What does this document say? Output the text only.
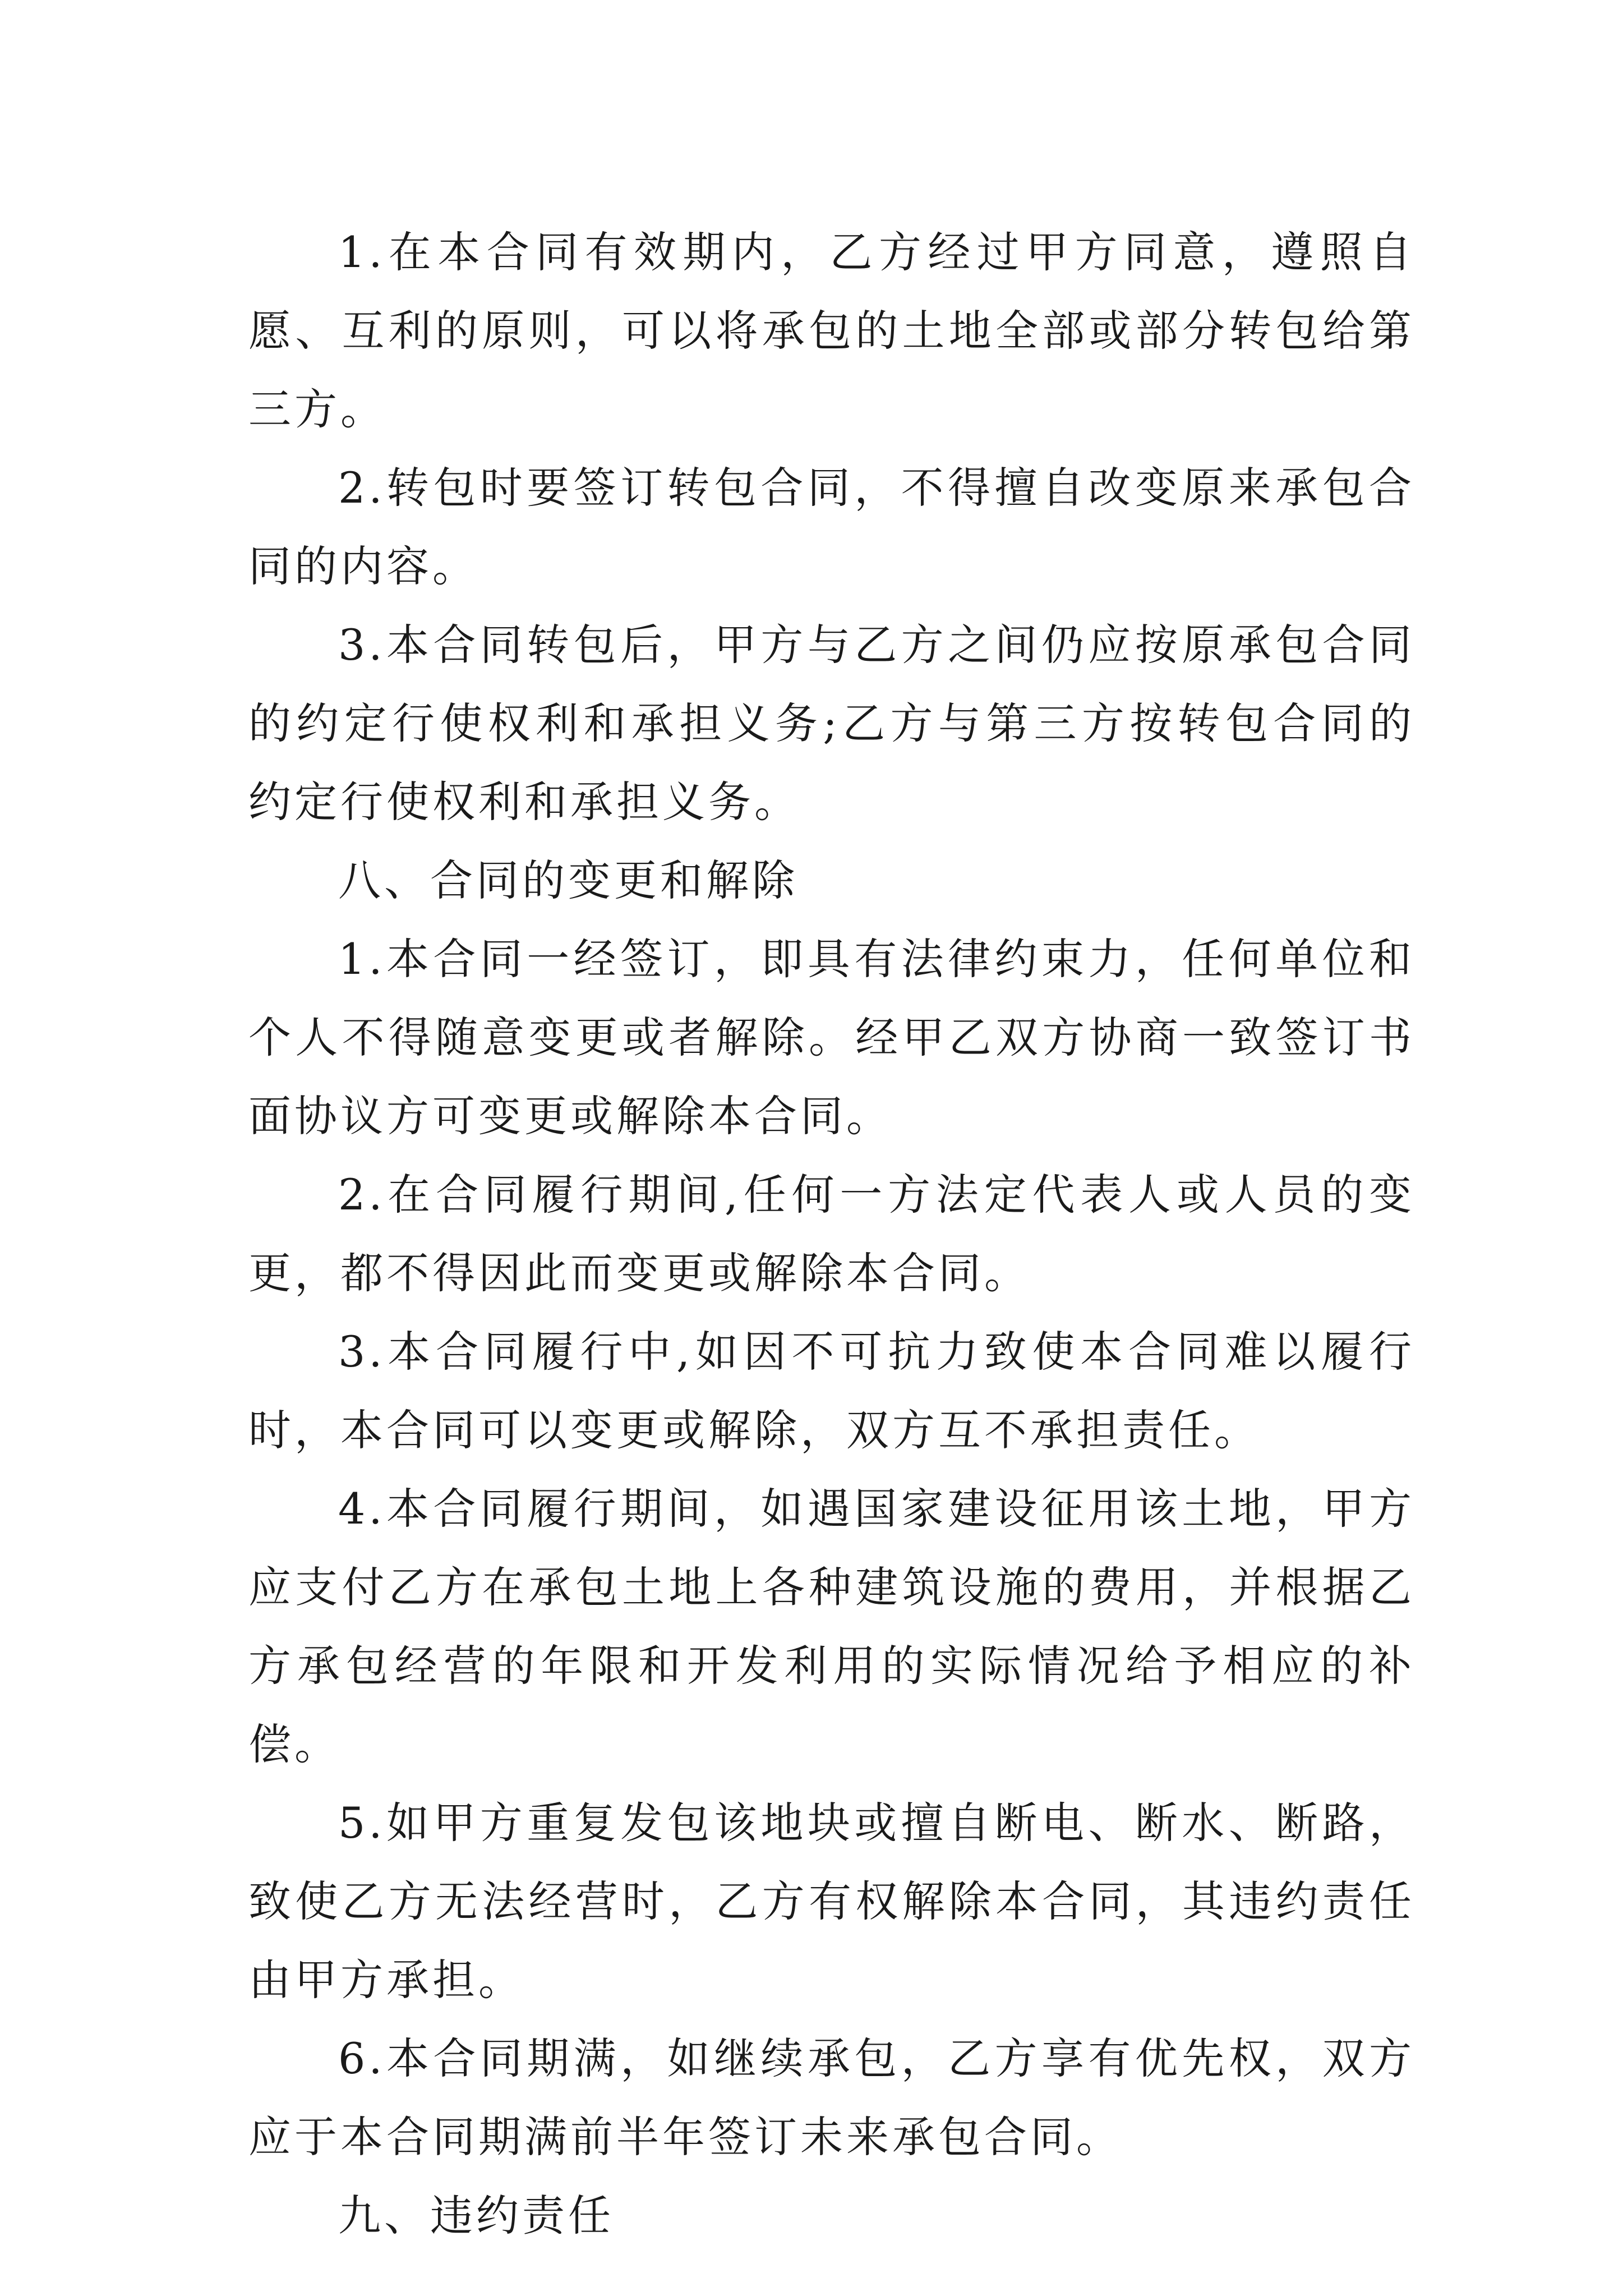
1.在本合同有效期内，乙方经过甲方同意，遵照自愿、互利的原则，可以将承包的土地全部或部分转包给第三方。

2.转包时要签订转包合同，不得擅自改变原来承包合同的内容。

3.本合同转包后，甲方与乙方之间仍应按原承包合同的约定行使权利和承担义务;乙方与第三方按转包合同的约定行使权利和承担义务。

八、合同的变更和解除

1.本合同一经签订，即具有法律约束力，任何单位和个人不得随意变更或者解除。经甲乙双方协商一致签订书面协议方可变更或解除本合同。

2.在合同履行期间,任何一方法定代表人或人员的变更，都不得因此而变更或解除本合同。

3.本合同履行中,如因不可抗力致使本合同难以履行时，本合同可以变更或解除，双方互不承担责任。

4.本合同履行期间，如遇国家建设征用该土地，甲方应支付乙方在承包土地上各种建筑设施的费用，并根据乙方承包经营的年限和开发利用的实际情况给予相应的补偿。

5.如甲方重复发包该地块或擅自断电、断水、断路，致使乙方无法经营时，乙方有权解除本合同，其违约责任由甲方承担。

6.本合同期满，如继续承包，乙方享有优先权，双方应于本合同期满前半年签订未来承包合同。

九、违约责任
